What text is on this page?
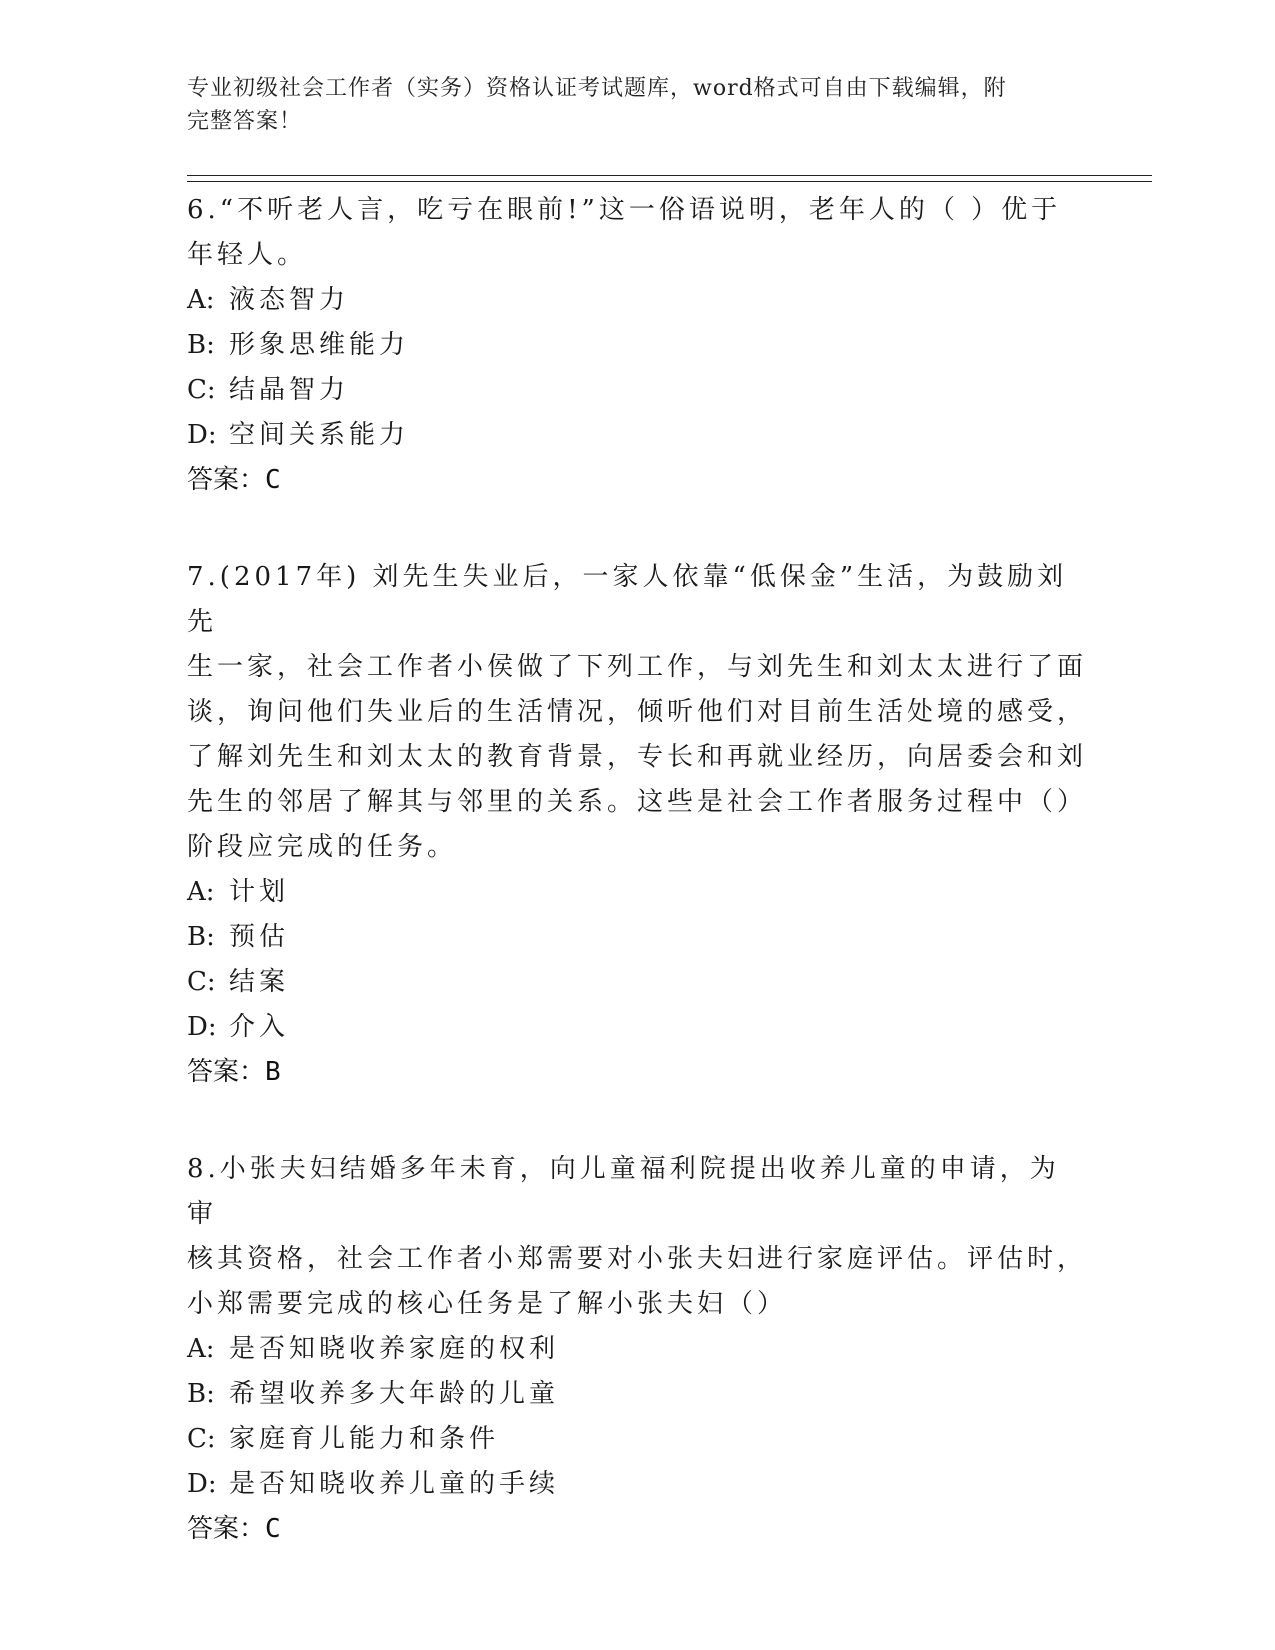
专业初级社会工作者（实务）资格认证考试题库，word格式可自由下载编辑，附
完整答案！

6.“不听老人言，吃亏在眼前!”这一俗语说明，老年人的（ ）优于

年轻人。

A: 液态智力

B: 形象思维能力

C: 结晶智力

D: 空间关系能力

答案：C

7.(2017年) 刘先生失业后，一家人依靠“低保金”生活，为鼓励刘先

生一家，社会工作者小侯做了下列工作，与刘先生和刘太太进行了面

谈，询问他们失业后的生活情况，倾听他们对目前生活处境的感受，

了解刘先生和刘太太的教育背景，专长和再就业经历，向居委会和刘

先生的邻居了解其与邻里的关系。这些是社会工作者服务过程中（）

阶段应完成的任务。

A: 计划

B: 预估

C: 结案

D: 介入

答案：B

8.小张夫妇结婚多年未育，向儿童福利院提出收养儿童的申请，为审

核其资格，社会工作者小郑需要对小张夫妇进行家庭评估。评估时，

小郑需要完成的核心任务是了解小张夫妇（）

A: 是否知晓收养家庭的权利

B: 希望收养多大年龄的儿童

C: 家庭育儿能力和条件

D: 是否知晓收养儿童的手续

答案：C
